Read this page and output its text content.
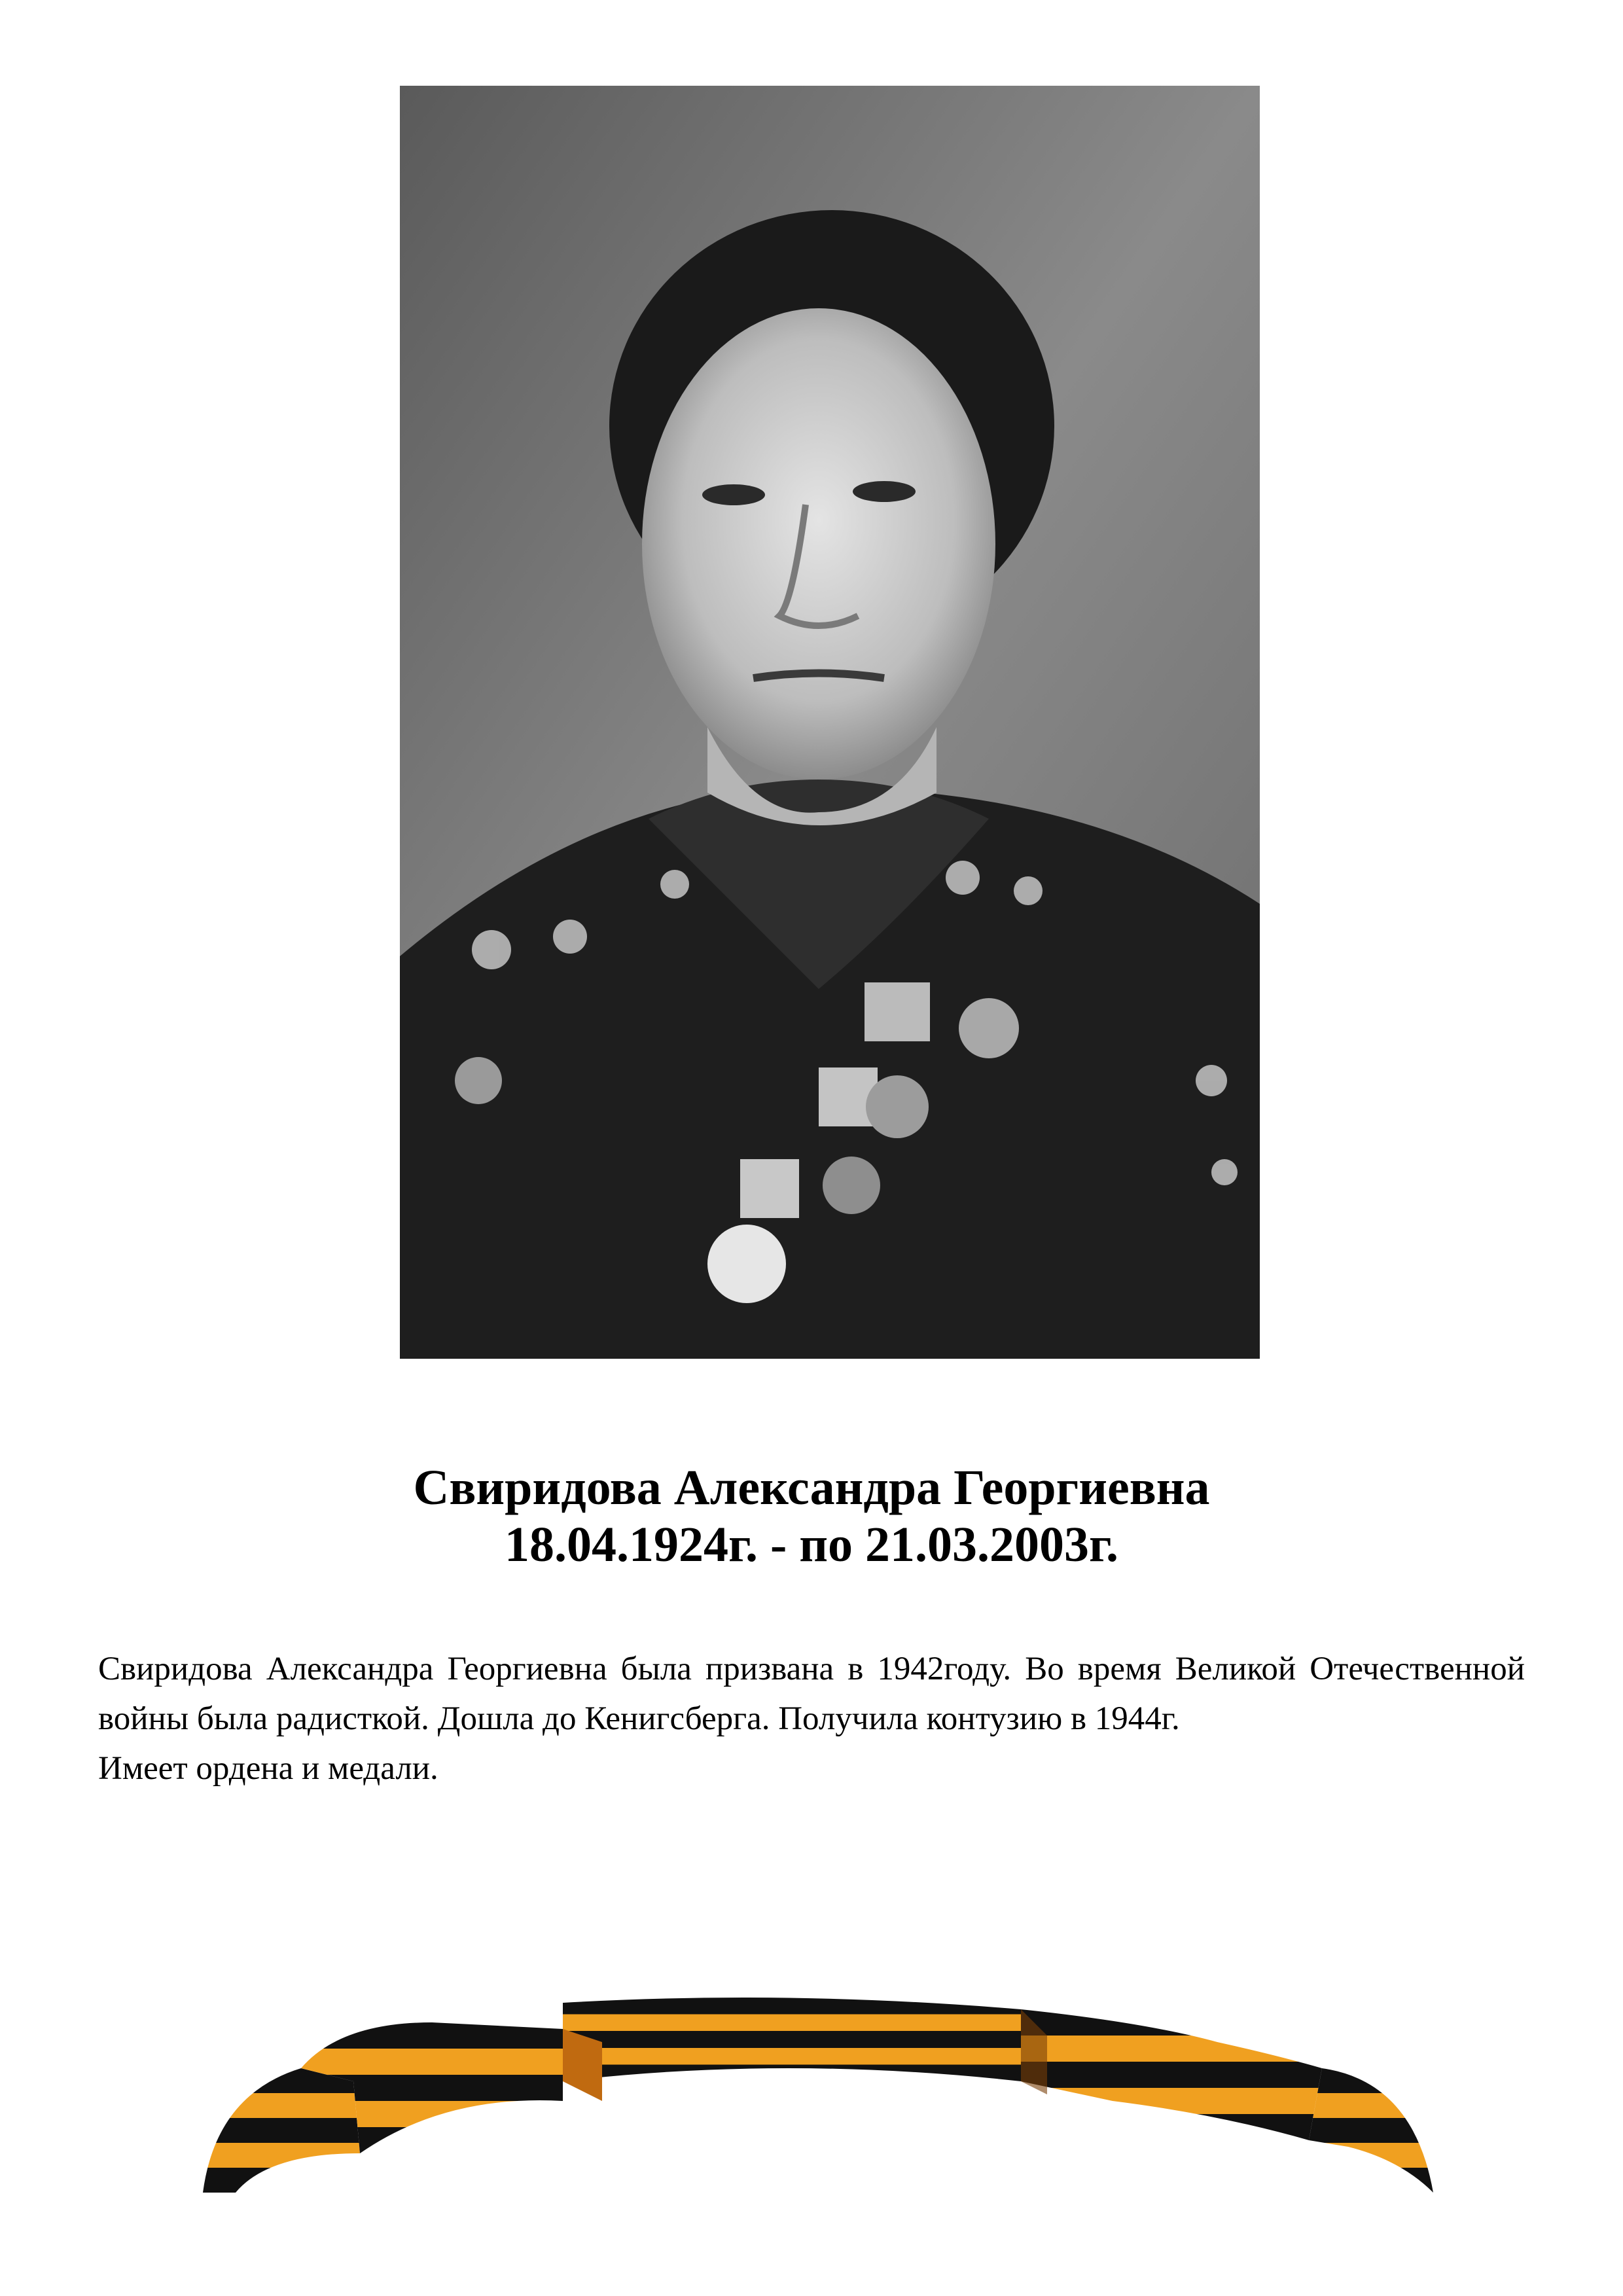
Свиридова Александра Георгиевна
18.04.1924г. - по 21.03.2003г.

Свиридова Александра Георгиевна была призвана в 1942году. Во время Великой Отечественной войны была радисткой. Дошла до Кенигсберга. Получила контузию в 1944г.

Имеет ордена и медали.
